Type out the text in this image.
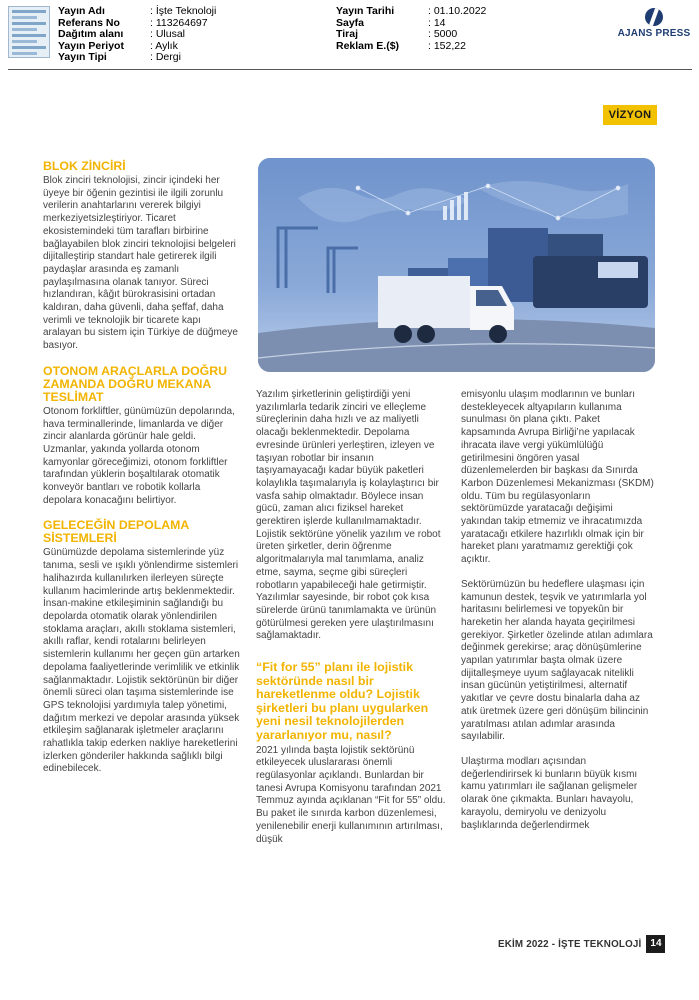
Yayın Adı	: İşte Teknoloji
Referans No	: 113264697
Dağıtım alanı	: Ulusal
Yayın Periyot	: Aylık
Yayın Tipi	: Dergi
Yayın Tarihi	: 01.10.2022
Sayfa	: 14
Tiraj	: 5000
Reklam E.($)	: 152,22
AJANS PRESS
VİZYON
BLOK ZİNCİRİ

Blok zinciri teknolojisi, zincir içindeki her üyeye bir öğenin gezintisi ile ilgili zorunlu verilerin anahtarlarını vererek bilgiyi merkeziyetsizleştiriyor. Ticaret ekosistemindeki tüm tarafları birbirine bağlayabilen blok zinciri teknolojisi belgeleri dijitalleştirip standart hale getirerek ilgili paydaşlar arasında eş zamanlı paylaşılmasına olanak tanıyor. Süreci hızlandıran, kâğıt bürokrasisini ortadan kaldıran, daha güvenli, daha şeffaf, daha verimli ve teknolojik bir ticarete kapı aralayan bu sistem için Türkiye de düğmeye basıyor.

OTONOM ARAÇLARLA DOĞRU ZAMANDA DOĞRU MEKANA TESLİMAT

Otonom forkliftler, günümüzün depolarında, hava terminallerinde, limanlarda ve diğer zincir alanlarda görünür hale geldi. Uzmanlar, yakında yollarda otonom kamyonlar göreceğimizi, otonom forkliftler tarafından yüklerin boşaltılarak otomatik konveyör bantları ve robotik kollarla depolara konacağını belirtiyor.

GELECEĞİN DEPOLAMA SİSTEMLERİ

Günümüzde depolama sistemlerinde yüz tanıma, sesli ve ışıklı yönlendirme sistemleri halihazırda kullanılırken ilerleyen süreçte kullanım hacimlerinde artış beklenmektedir. İnsan-makine etkileşiminin sağlandığı bu depolarda otomatik olarak yönlendirilen stoklama araçları, akıllı stoklama sistemleri, akıllı raflar, kendi rotalarını belirleyen sistemlerin kullanımı her geçen gün artarken depolama faaliyetlerinde verimlilik ve etkinlik sağlanmaktadır. Lojistik sektörünün bir diğer önemli süreci olan taşıma sistemlerinde ise GPS teknolojisi yardımıyla talep yönetimi, dağıtım merkezi ve depolar arasında yüksek etkileşim sağlanarak işletmeler araçlarını rahatlıkla takip ederken nakliye hareketlerini izlerken gönderiler hakkında sağlıklı bilgi edinebilecek.

Yazılım şirketlerinin geliştirdiği yeni yazılımlarla tedarik zinciri ve elleçleme süreçlerinin daha hızlı ve az maliyetli olacağı beklenmektedir. Depolama evresinde ürünleri yerleştiren, izleyen ve taşıyan robotlar bir insanın taşıyamayacağı kadar büyük paketleri kolaylıkla taşımalarıyla iş kolaylaştırıcı bir vasfa sahip olmaktadır. Böylece insan gücü, zaman alıcı fiziksel hareket gerektiren işlerde kullanılmamaktadır. Lojistik sektörüne yönelik yazılım ve robot üreten şirketler, derin öğrenme algoritmalarıyla mal tanımlama, analiz etme, sayma, seçme gibi süreçleri robotların yapabileceği hale getirmiştir. Yazılımlar sayesinde, bir robot çok kısa sürelerde ürünü tanımlamakta ve ürünün götürülmesi gereken yere ulaştırılmasını sağlamaktadır.

“Fit for 55” planı ile lojistik sektöründe nasıl bir hareketlenme oldu? Lojistik şirketleri bu planı uygularken yeni nesil teknolojilerden yararlanıyor mu, nasıl?

2021 yılında başta lojistik sektörünü etkileyecek uluslararası önemli regülasyonlar açıklandı. Bunlardan bir tanesi Avrupa Komisyonu tarafından 2021 Temmuz ayında açıklanan “Fit for 55” oldu. Bu paket ile sınırda karbon düzenlemesi, yenilenebilir enerji kullanımının artırılması, düşük

emisyonlu ulaşım modlarının ve bunları destekleyecek altyapıların kullanıma sunulması ön plana çıktı. Paket kapsamında Avrupa Birliği’ne yapılacak ihracata ilave vergi yükümlülüğü getirilmesini öngören yasal düzenlemelerden bir başkası da Sınırda Karbon Düzenlemesi Mekanizması (SKDM) oldu. Tüm bu regülasyonların sektörümüzde yaratacağı değişimi yakından takip etmemiz ve ihracatımızda yaratacağı etkilere hazırlıklı olmak için bir hareket planı yaratmamız gerektiği çok açıktır.

Sektörümüzün bu hedeflere ulaşması için kamunun destek, teşvik ve yatırımlarla yol haritasını belirlemesi ve topyekûn bir hareketin her alanda hayata geçirilmesi gerekiyor. Şirketler özelinde atılan adımlara değinmek gerekirse; araç dönüşümlerine yapılan yatırımlar başta olmak üzere dijitalleşmeye uyum sağlayacak nitelikli insan gücünün yetiştirilmesi, alternatif yakıtlar ve çevre dostu binalarla daha az atık üretmek üzere geri dönüşüm bilincinin yaratılması atılan adımlar arasında sayılabilir.

Ulaştırma modları açısından değerlendirirsek ki bunların büyük kısmı kamu yatırımları ile sağlanan gelişmeler olarak öne çıkmakta. Bunları havayolu, karayolu, demiryolu ve denizyolu başlıklarında değerlendirmek

EKİM 2022 - İŞTE TEKNOLOJİ 14
